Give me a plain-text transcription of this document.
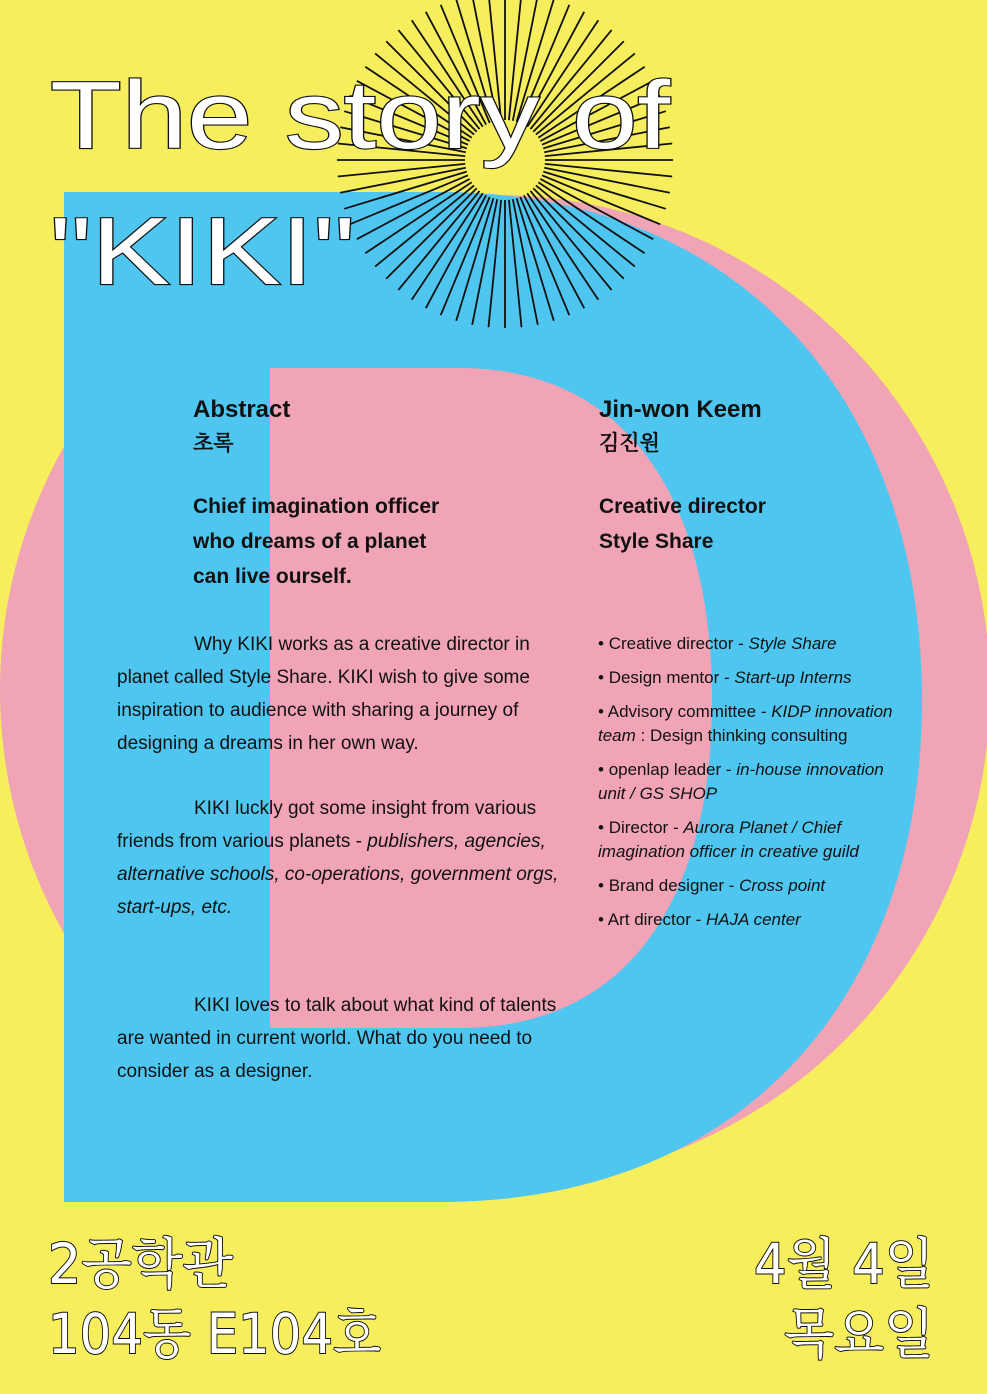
The story of
"KIKI"
2공학관
104동 E104호
4월 4일
목요일
Abstract
초록
Chief imagination officer
who dreams of a planet
can live ourself.

Why KIKI works as a creative director in planet called Style Share. KIKI wish to give some inspiration to audience with sharing a journey of designing a dreams in her own way.

KIKI luckly got some insight from various friends from various planets - publishers, agencies, alternative schools, co-operations, government orgs, start-ups, etc.

KIKI loves to talk about what kind of talents are wanted in current world. What do you need to consider as a designer.

Jin-won Keem
김진원
Creative director
Style Share
• Creative director - Style Share
• Design mentor - Start-up Interns
• Advisory committee - KIDP innovation team : Design thinking consulting
• openlap leader - in-house innovation unit / GS SHOP
• Director - Aurora Planet / Chief imagination officer in creative guild
• Brand designer - Cross point
• Art director - HAJA center
